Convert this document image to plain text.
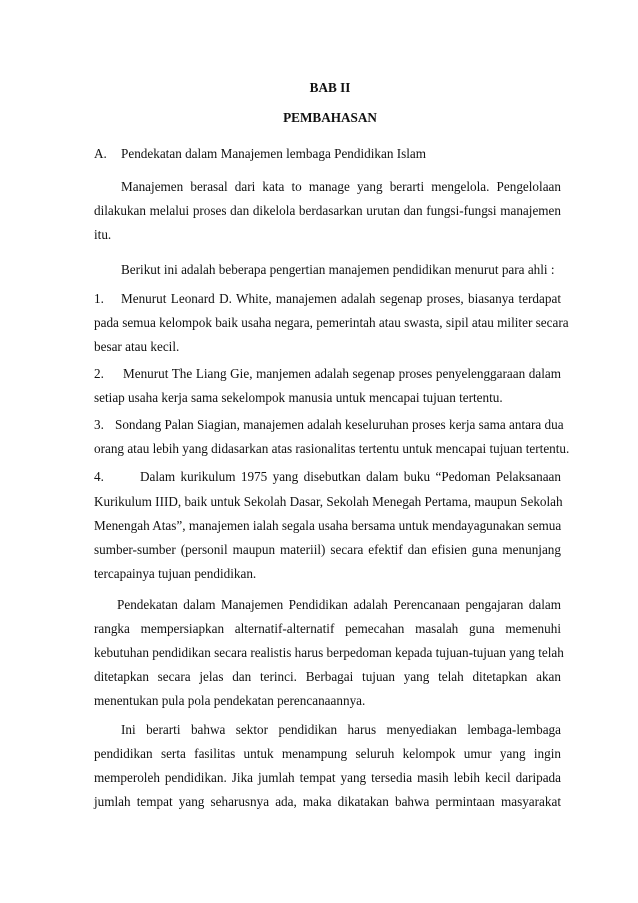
BAB II
PEMBAHASAN
A. Pendekatan dalam Manajemen lembaga Pendidikan Islam
Manajemen berasal dari kata to manage yang berarti mengelola. Pengelolaan
dilakukan melalui proses dan dikelola berdasarkan urutan dan fungsi-fungsi manajemen
itu.
Berikut ini adalah beberapa pengertian manajemen pendidikan menurut para ahli :
1. Menurut Leonard D. White, manajemen adalah segenap proses, biasanya terdapat
pada semua kelompok baik usaha negara, pemerintah atau swasta, sipil atau militer secara
besar atau kecil.
2. Menurut The Liang Gie, manjemen adalah segenap proses penyelenggaraan dalam
setiap usaha kerja sama sekelompok manusia untuk mencapai tujuan tertentu.
3. Sondang Palan Siagian, manajemen adalah keseluruhan proses kerja sama antara dua
orang atau lebih yang didasarkan atas rasionalitas tertentu untuk mencapai tujuan tertentu.
4.	Dalam kurikulum 1975 yang disebutkan dalam buku “Pedoman Pelaksanaan
Kurikulum IIID, baik untuk Sekolah Dasar, Sekolah Menegah Pertama, maupun Sekolah
Menengah Atas”, manajemen ialah segala usaha bersama untuk mendayagunakan semua
sumber-sumber (personil maupun materiil) secara efektif dan efisien guna menunjang
tercapainya tujuan pendidikan.
Pendekatan dalam Manajemen Pendidikan adalah Perencanaan pengajaran dalam
rangka mempersiapkan alternatif-alternatif pemecahan masalah guna memenuhi
kebutuhan pendidikan secara realistis harus berpedoman kepada tujuan-tujuan yang telah
ditetapkan secara jelas dan terinci. Berbagai tujuan yang telah ditetapkan akan
menentukan pula pola pendekatan perencanaannya.
Ini berarti bahwa sektor pendidikan harus menyediakan lembaga-lembaga
pendidikan serta fasilitas untuk menampung seluruh kelompok umur yang ingin
memperoleh pendidikan. Jika jumlah tempat yang tersedia masih lebih kecil daripada
jumlah tempat yang seharusnya ada, maka dikatakan bahwa permintaan masyarakat
